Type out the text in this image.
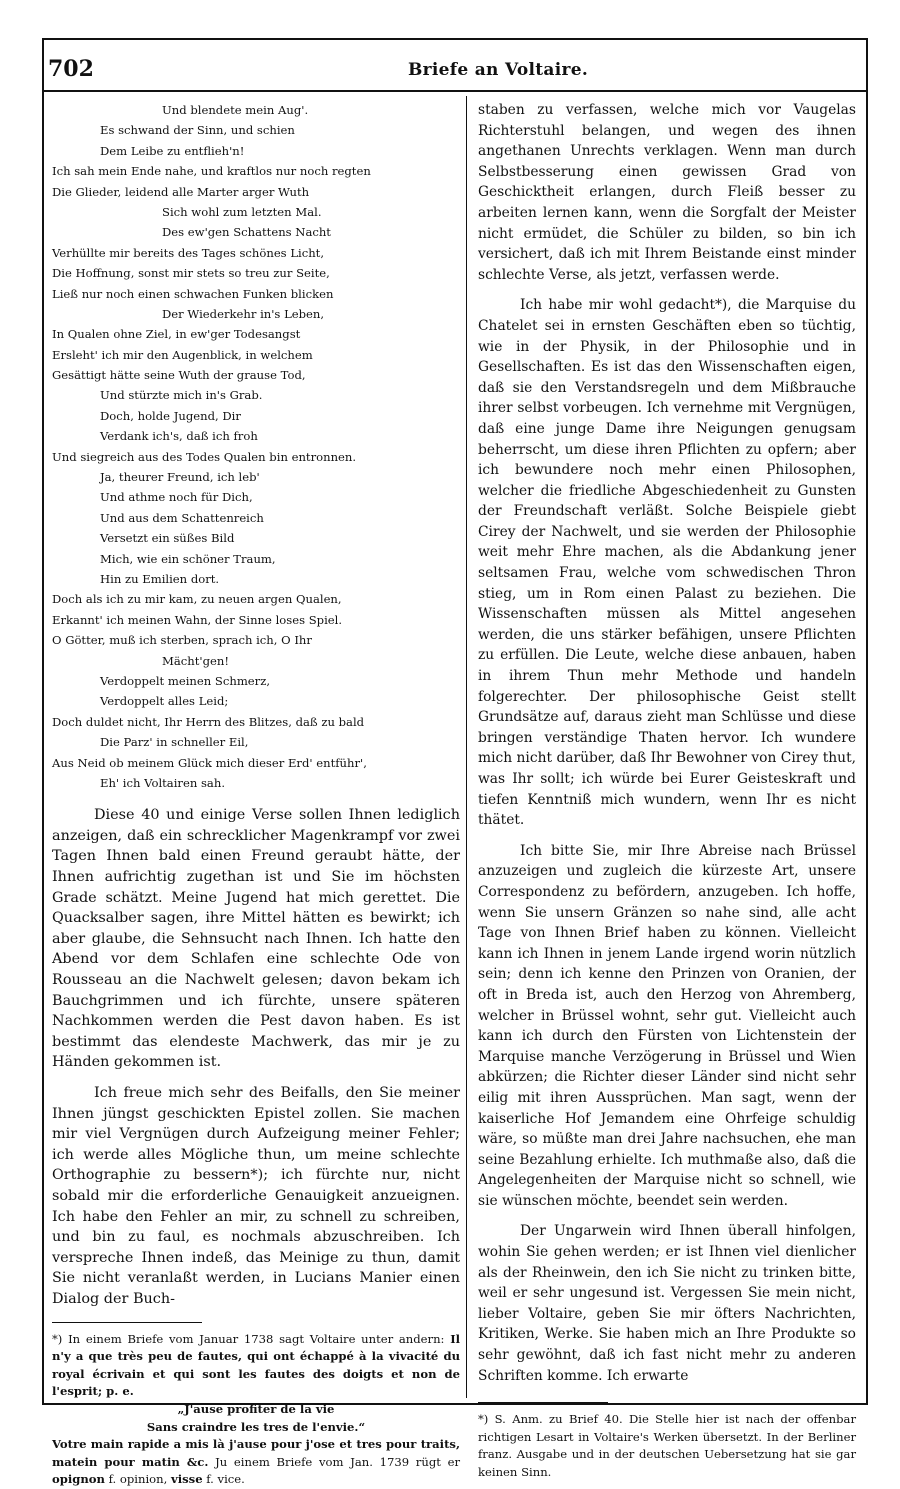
702	Briefe an Voltaire.
Und blendete mein Aug'.
Es schwand der Sinn, und schien
Dem Leibe zu entflieh'n!
Ich sah mein Ende nahe, und kraftlos nur noch regten
Die Glieder, leidend alle Marter arger Wuth
Sich wohl zum letzten Mal.
Des ew'gen Schattens Nacht
Verhüllte mir bereits des Tages schönes Licht,
Die Hoffnung, sonst mir stets so treu zur Seite,
Ließ nur noch einen schwachen Funken blicken
Der Wiederkehr in's Leben,
In Qualen ohne Ziel, in ew'ger Todesangst
Ersleht' ich mir den Augenblick, in welchem
Gesättigt hätte seine Wuth der grause Tod,
Und stürzte mich in's Grab.
Doch, holde Jugend, Dir
Verdank ich's, daß ich froh
Und siegreich aus des Todes Qualen bin entronnen.
Ja, theurer Freund, ich leb'
Und athme noch für Dich,
Und aus dem Schattenreich
Versetzt ein süßes Bild
Mich, wie ein schöner Traum,
Hin zu Emilien dort.
Doch als ich zu mir kam, zu neuen argen Qualen,
Erkannt' ich meinen Wahn, der Sinne loses Spiel.
O Götter, muß ich sterben, sprach ich, O Ihr
Mächt'gen!
Verdoppelt meinen Schmerz,
Verdoppelt alles Leid;
Doch duldet nicht, Ihr Herrn des Blitzes, daß zu bald
Die Parz' in schneller Eil,
Aus Neid ob meinem Glück mich dieser Erd' entführ',
Eh' ich Voltairen sah.

Diese 40 und einige Verse sollen Ihnen lediglich anzeigen, daß ein schrecklicher Magenkrampf vor zwei Tagen Ihnen bald einen Freund geraubt hätte, der Ihnen aufrichtig zugethan ist und Sie im höchsten Grade schätzt. Meine Jugend hat mich gerettet. Die Quacksalber sagen, ihre Mittel hätten es bewirkt; ich aber glaube, die Sehnsucht nach Ihnen. Ich hatte den Abend vor dem Schlafen eine schlechte Ode von Rousseau an die Nachwelt gelesen; davon bekam ich Bauchgrimmen und ich fürchte, unsere späteren Nachkommen werden die Pest davon haben. Es ist bestimmt das elendeste Machwerk, das mir je zu Händen gekommen ist.

Ich freue mich sehr des Beifalls, den Sie meiner Ihnen jüngst geschickten Epistel zollen. Sie machen mir viel Vergnügen durch Aufzeigung meiner Fehler; ich werde alles Mögliche thun, um meine schlechte Orthographie zu bessern*); ich fürchte nur, nicht sobald mir die erforderliche Genauigkeit anzueignen. Ich habe den Fehler an mir, zu schnell zu schreiben, und bin zu faul, es nochmals abzuschreiben. Ich versprechе Ihnen indeß, das Meinige zu thun, damit Sie nicht veranlaßt werden, in Lucians Manier einen Dialog der Buch-

*) In einem Briefe vom Januar 1738 sagt Voltaire unter andern: Il n'y a que très peu de fautes, qui ont échappé à la vivacité du royal écrivain et qui sont les fautes des doigts et non de l'esprit; p. e.
„J'ause profiter de la vie
Sans craindre les tres de l'envie.“
Votre main rapide a mis là j'ause pour j'ose et tres pour traits, matein pour matin &c. Ju einem Briefe vom Jan. 1739 rügt er opignon f. opinion, visse f. vice.

staben zu verfassen, welche mich vor Vaugelas Richterstuhl belangen, und wegen des ihnen angethanen Unrechts verklagen. Wenn man durch Selbstbesserung einen gewissen Grad von Geschicktheit erlangen, durch Fleiß besser zu arbeiten lernen kann, wenn die Sorgfalt der Meister nicht ermüdet, die Schüler zu bilden, so bin ich versichert, daß ich mit Ihrem Beistande einst minder schlechte Verse, als jetzt, verfassen werde.

Ich habe mir wohl gedacht*), die Marquise du Chatelet sei in ernsten Geschäften eben so tüchtig, wie in der Physik, in der Philosophie und in Gesellschaften. Es ist das den Wissenschaften eigen, daß sie den Verstandsregeln und dem Mißbrauche ihrer selbst vorbeugen. Ich vernehme mit Vergnügen, daß eine junge Dame ihre Neigungen genugsam beherrscht, um diese ihren Pflichten zu opfern; aber ich bewundere noch mehr einen Philosophen, welcher die friedliche Abgeschiedenheit zu Gunsten der Freundschaft verläßt. Solche Beispiele giebt Cirey der Nachwelt, und sie werden der Philosophie weit mehr Ehre machen, als die Abdankung jener seltsamen Frau, welche vom schwedischen Thron stieg, um in Rom einen Palast zu beziehen. Die Wissenschaften müssen als Mittel angesehen werden, die uns stärker befähigen, unsere Pflichten zu erfüllen. Die Leute, welche diese anbauen, haben in ihrem Thun mehr Methode und handeln folgerechter. Der philosophische Geist stellt Grundsätze auf, daraus zieht man Schlüsse und diese bringen verständige Thaten hervor. Ich wundere mich nicht darüber, daß Ihr Bewohner von Cirey thut, was Ihr sollt; ich würde bei Eurer Geisteskraft und tiefen Kenntniß mich wundern, wenn Ihr es nicht thätet.

Ich bitte Sie, mir Ihre Abreise nach Brüssel anzuzeigen und zugleich die kürzeste Art, unsere Correspondenz zu befördern, anzugeben. Ich hoffe, wenn Sie unsern Gränzen so nahe sind, alle acht Tage von Ihnen Brief haben zu können. Vielleicht kann ich Ihnen in jenem Lande irgend worin nützlich sein; denn ich kenne den Prinzen von Oranien, der oft in Breda ist, auch den Herzog von Ahremberg, welcher in Brüssel wohnt, sehr gut. Vielleicht auch kann ich durch den Fürsten von Lichtenstein der Marquise manche Verzögerung in Brüssel und Wien abkürzen; die Richter dieser Länder sind nicht sehr eilig mit ihren Aussprüchen. Man sagt, wenn der kaiserliche Hof Jemandem eine Ohrfeige schuldig wäre, so müßte man drei Jahre nachsuchen, ehe man seine Bezahlung erhielte. Ich muthmaße also, daß die Angelegenheiten der Marquise nicht so schnell, wie sie wünschen möchte, beendet sein werden.

Der Ungarwein wird Ihnen überall hinfolgen, wohin Sie gehen werden; er ist Ihnen viel dienlicher als der Rheinwein, den ich Sie nicht zu trinken bitte, weil er sehr ungesund ist. Vergessen Sie mein nicht, lieber Voltaire, geben Sie mir öfters Nachrichten, Kritiken, Werke. Sie haben mich an Ihre Produkte so sehr gewöhnt, daß ich fast nicht mehr zu anderen Schriften komme. Ich erwarte

*) S. Anm. zu Brief 40. Die Stelle hier ist nach der offenbar richtigen Lesart in Voltaire's Werken übersetzt. In der Berliner franz. Ausgabe und in der deutschen Uebersetzung hat sie gar keinen Sinn.
